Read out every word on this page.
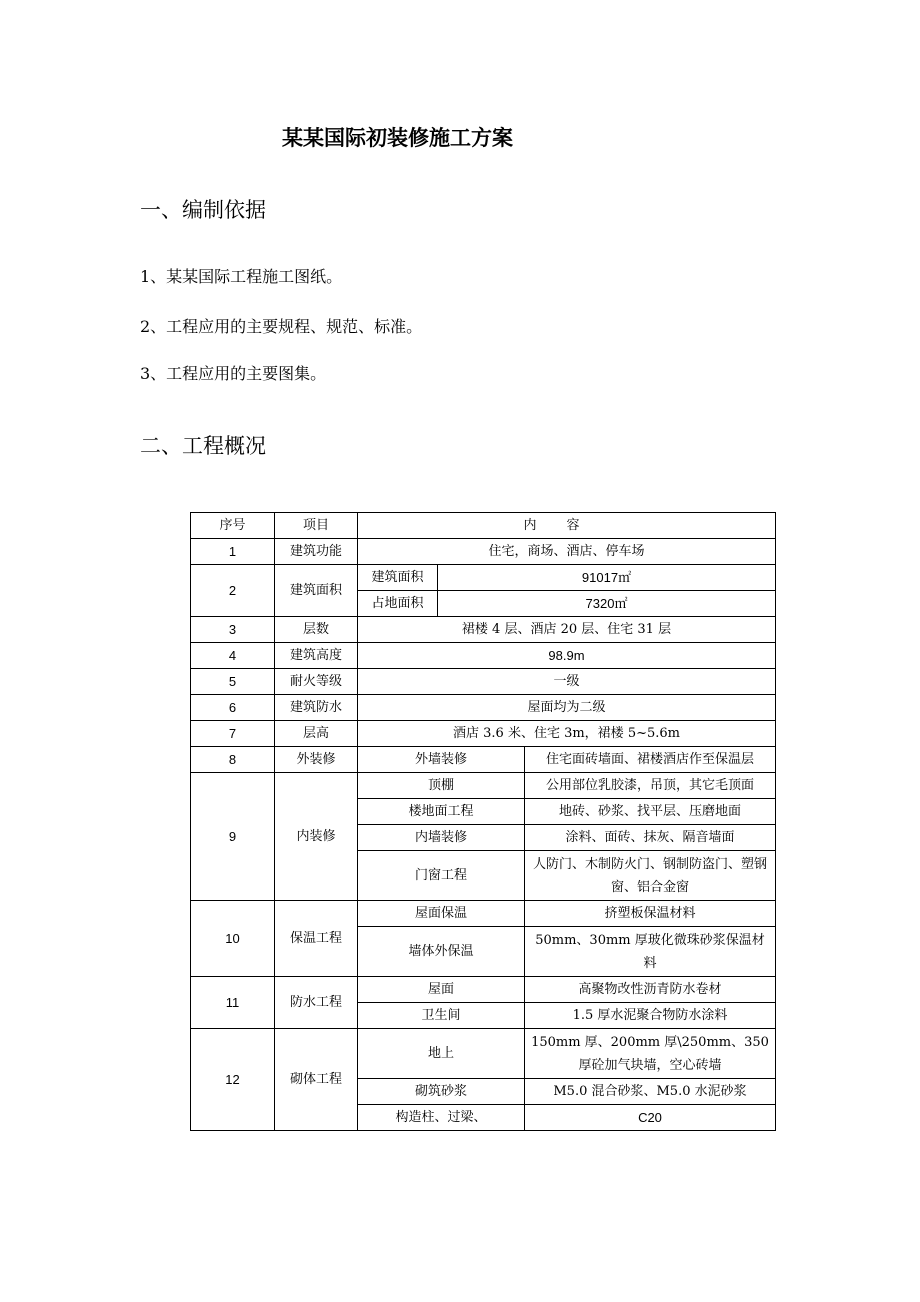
某某国际初装修施工方案
一、编制依据
1、某某国际工程施工图纸。
2、工程应用的主要规程、规范、标准。
3、工程应用的主要图集。
二、工程概况
序号	项目	内容		
1	建筑功能	住宅，商场、酒店、停车场		
2	建筑面积	建筑面积	91017㎡	
		占地面积	7320㎡	
3	层数	裙楼 4 层、酒店 20 层、住宅 31 层		
4	建筑高度	98.9m		
5	耐火等级	一级		
6	建筑防水	屋面均为二级		
7	层高	酒店 3.6 米、住宅 3m，裙楼 5~5.6m		
8	外装修	外墙装修		住宅面砖墙面、裙楼酒店作至保温层
9	内装修	顶棚		公用部位乳胶漆，吊顶，其它毛顶面
		楼地面工程		地砖、砂浆、找平层、压磨地面
		内墙装修		涂料、面砖、抹灰、隔音墙面
		门窗工程		人防门、木制防火门、钢制防盗门、塑钢窗、铝合金窗
10	保温工程	屋面保温		挤塑板保温材料
		墙体外保温		50mm、30mm 厚玻化微珠砂浆保温材料
11	防水工程	屋面		高聚物改性沥青防水卷材
		卫生间		1.5 厚水泥聚合物防水涂料
12	砌体工程	地上		150mm 厚、200mm 厚\250mm、350 厚砼加气块墙，空心砖墙
		砌筑砂浆		M5.0 混合砂浆、M5.0 水泥砂浆
		构造柱、过梁、		C20
